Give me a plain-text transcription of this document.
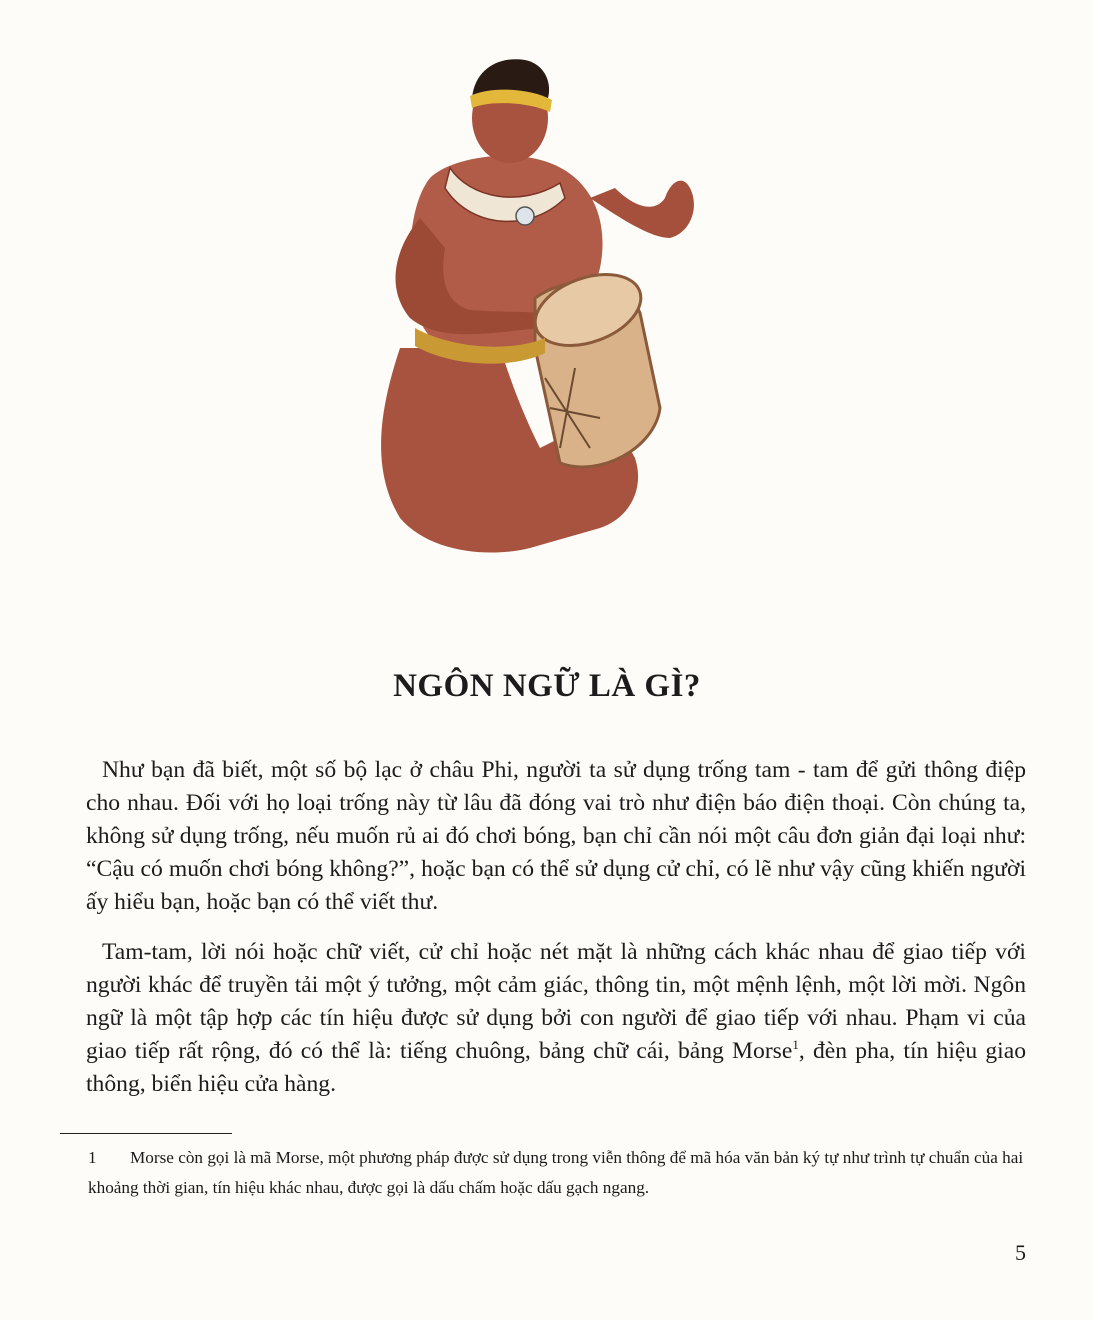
NGÔN NGỮ LÀ GÌ?

Như bạn đã biết, một số bộ lạc ở châu Phi, người ta sử dụng trống tam - tam để gửi thông điệp cho nhau. Đối với họ loại trống này từ lâu đã đóng vai trò như điện báo điện thoại. Còn chúng ta, không sử dụng trống, nếu muốn rủ ai đó chơi bóng, bạn chỉ cần nói một câu đơn giản đại loại như: “Cậu có muốn chơi bóng không?”, hoặc bạn có thể sử dụng cử chỉ, có lẽ như vậy cũng khiến người ấy hiểu bạn, hoặc bạn có thể viết thư.

Tam-tam, lời nói hoặc chữ viết, cử chỉ hoặc nét mặt là những cách khác nhau để giao tiếp với người khác để truyền tải một ý tưởng, một cảm giác, thông tin, một mệnh lệnh, một lời mời. Ngôn ngữ là một tập hợp các tín hiệu được sử dụng bởi con người để giao tiếp với nhau. Phạm vi của giao tiếp rất rộng, đó có thể là: tiếng chuông, bảng chữ cái, bảng Morse$^1$, đèn pha, tín hiệu giao thông, biển hiệu cửa hàng.

1 Morse còn gọi là mã Morse, một phương pháp được sử dụng trong viễn thông để mã hóa văn bản ký tự như trình tự chuẩn của hai khoảng thời gian, tín hiệu khác nhau, được gọi là dấu chấm hoặc dấu gạch ngang.
5
